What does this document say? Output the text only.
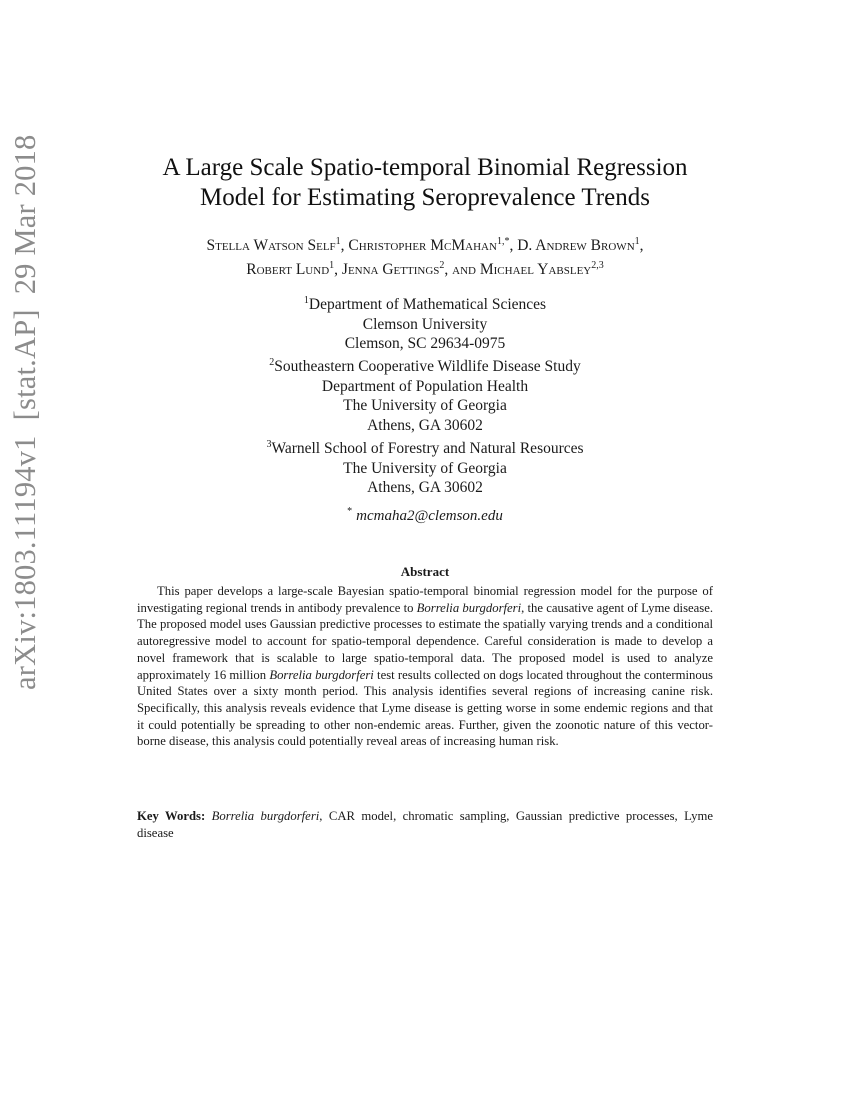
arXiv:1803.11194v1[stat.AP]29 Mar 2018	A Large Scale Spatio-temporal Binomial Regression
Model for Estimating Seroprevalence Trends
Stella Watson Self$^1$, Christopher McMahan$^{1,*}$, D. Andrew Brown$^1$,
Robert Lund$^1$, Jenna Gettings$^2$, and Michael Yabsley$^{2,3}$
$^1$Department of Mathematical Sciences
Clemson University
Clemson, SC 29634-0975
$^2$Southeastern Cooperative Wildlife Disease Study
Department of Population Health
The University of Georgia
Athens, GA 30602
$^3$Warnell School of Forestry and Natural Resources
The University of Georgia
Athens, GA 30602
* mcmaha2@clemson.edu
Abstract
This paper develops a large-scale Bayesian spatio-temporal binomial regression model for the purpose of investigating regional trends in antibody prevalence to Borrelia burgdorferi, the causative agent of Lyme disease. The proposed model uses Gaussian predictive processes to estimate the spatially varying trends and a conditional autoregressive model to account for spatio-temporal dependence. Careful consideration is made to develop a novel framework that is scalable to large spatio-temporal data. The proposed model is used to analyze approximately 16 million Borrelia burgdorferi test results collected on dogs located throughout the conterminous United States over a sixty month period. This analysis identifies several regions of increasing canine risk. Specifically, this analysis reveals evidence that Lyme disease is getting worse in some endemic regions and that it could potentially be spreading to other non-endemic areas. Further, given the zoonotic nature of this vector-borne disease, this analysis could potentially reveal areas of increasing human risk.
Key Words: Borrelia burgdorferi, CAR model, chromatic sampling, Gaussian predictive processes, Lyme disease
